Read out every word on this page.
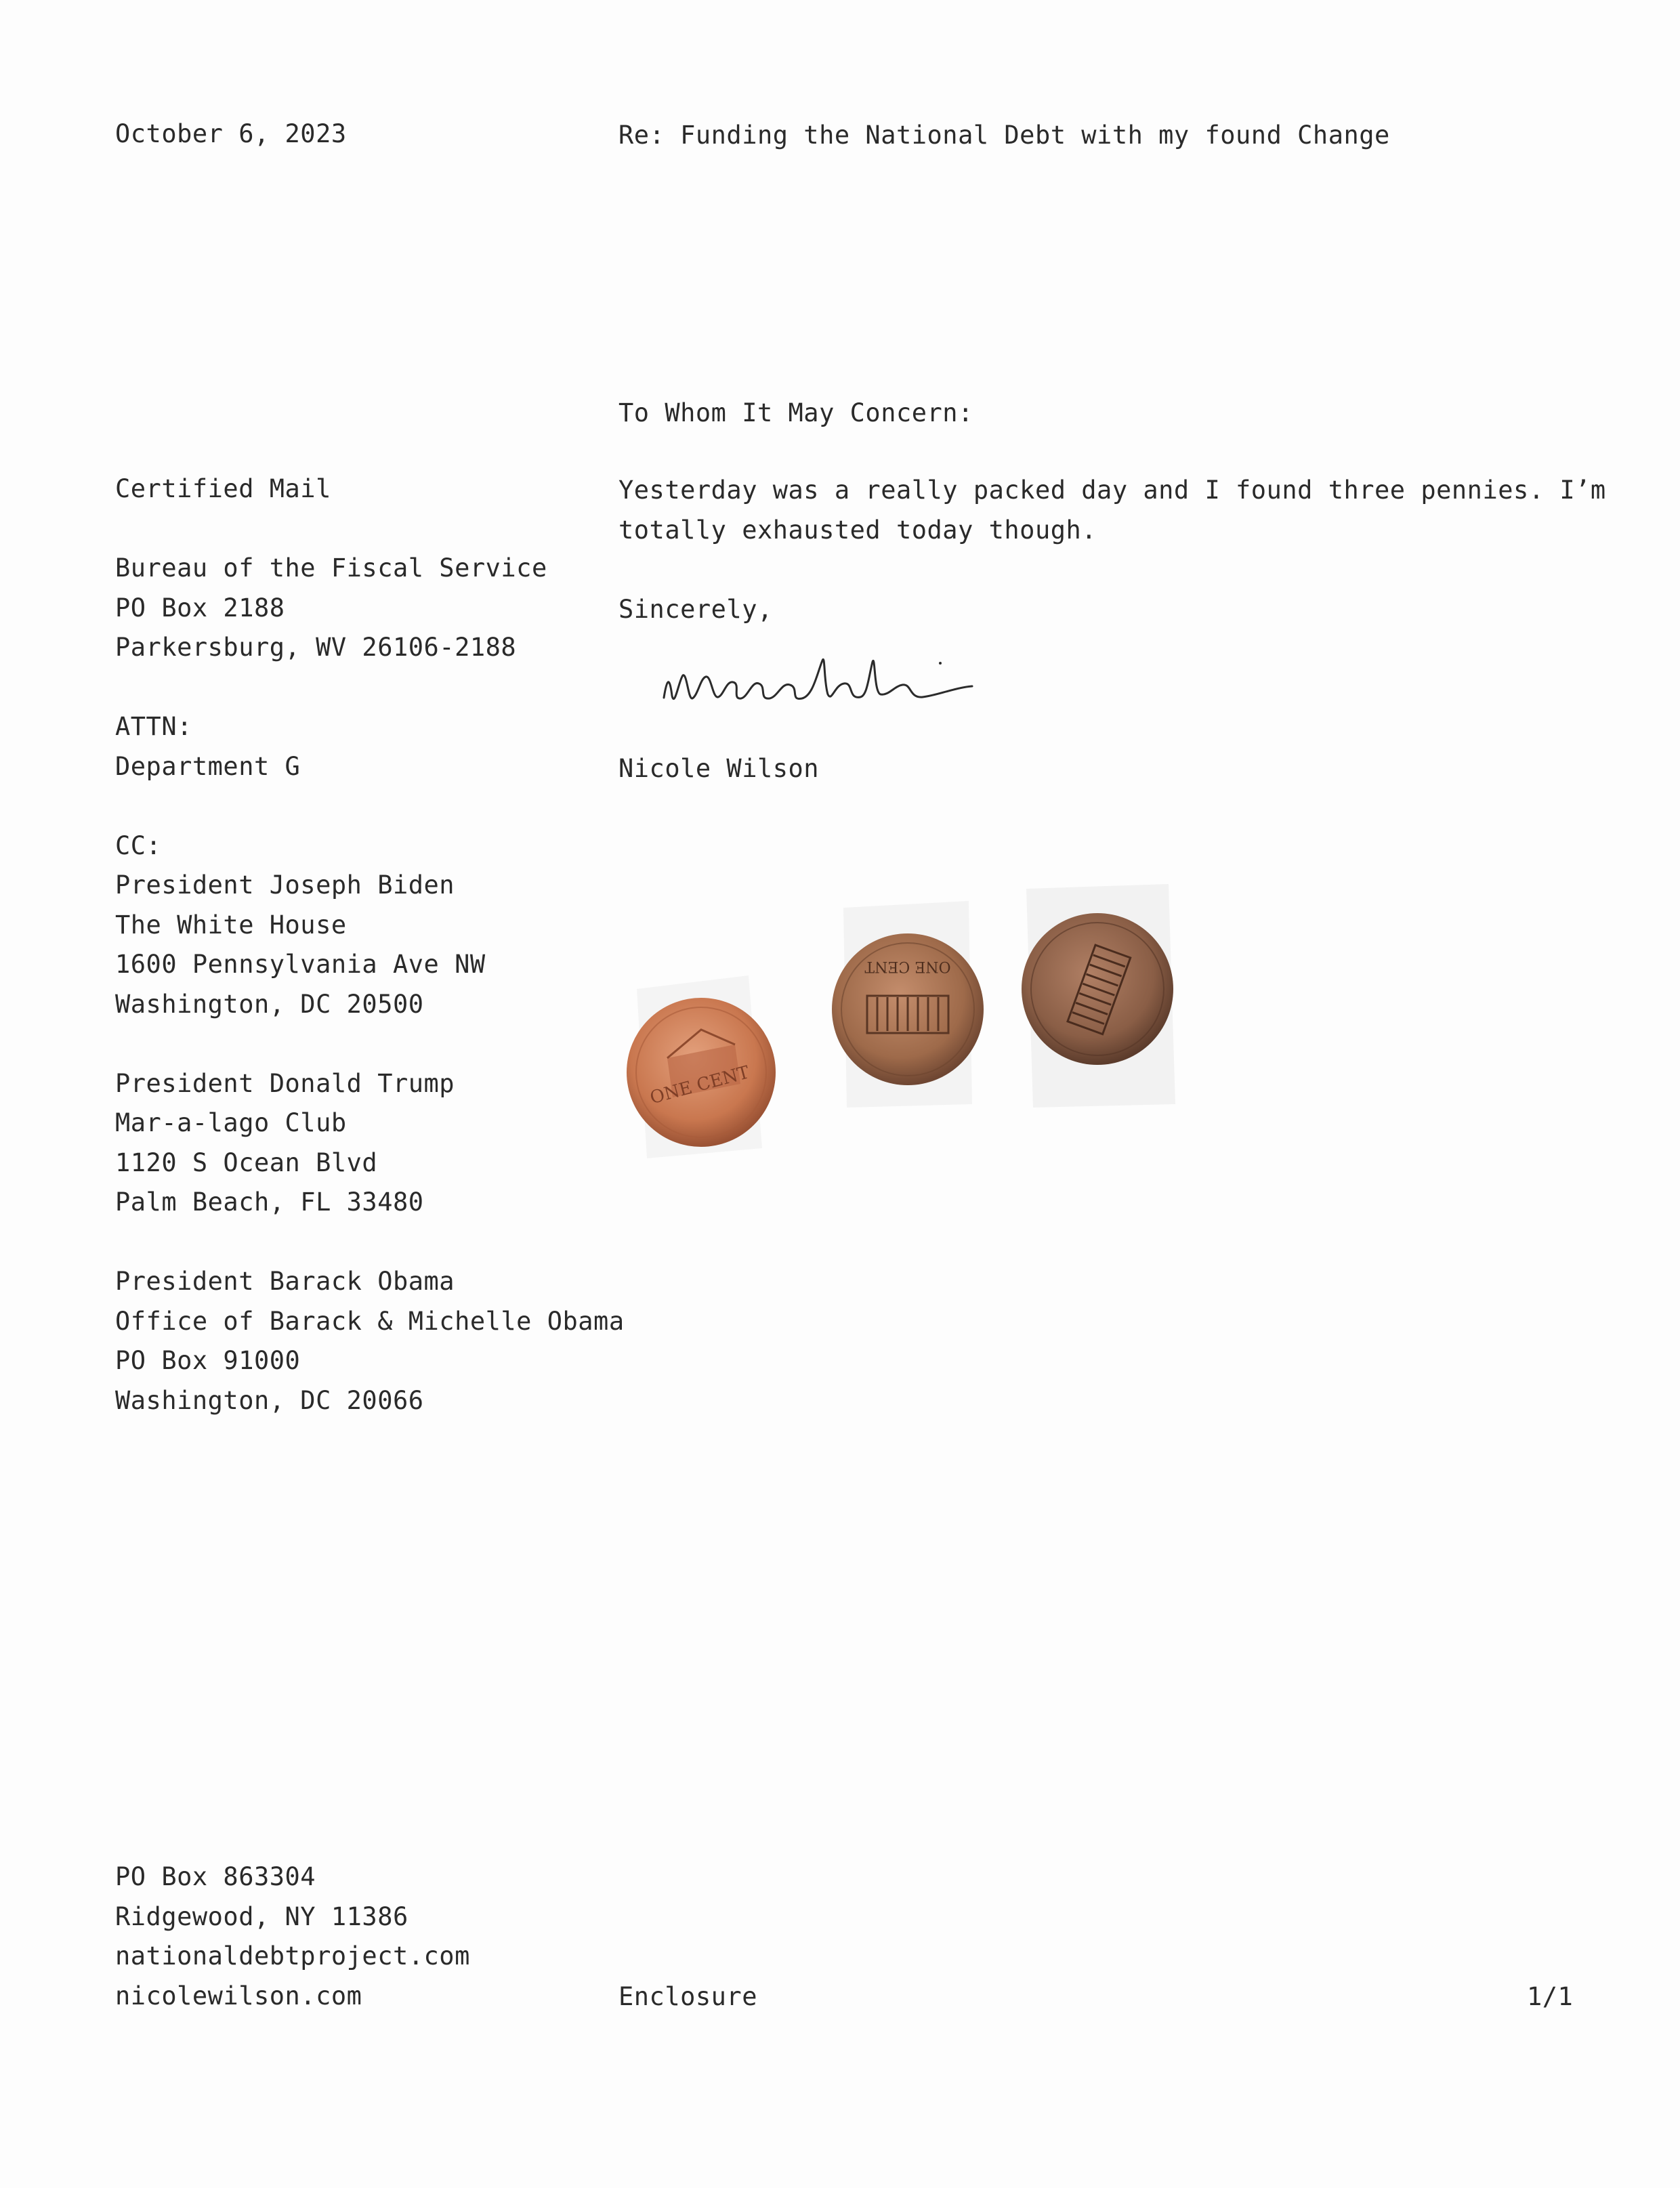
October 6, 2023	Re: Funding the National Debt with my found Change
To Whom It May Concern:
Yesterday was a really packed day and I found three pennies. I’m
totally exhausted today though.
Sincerely,
Nicole Wilson
Certified Mail
Bureau of the Fiscal Service
PO Box 2188
Parkersburg, WV 26106-2188
ATTN:
Department G
CC:
President Joseph Biden
The White House
1600 Pennsylvania Ave NW
Washington, DC 20500
President Donald Trump
Mar-a-lago Club
1120 S Ocean Blvd
Palm Beach, FL 33480
President Barack Obama
Office of Barack & Michelle Obama
PO Box 91000
Washington, DC 20066
ONE CENT
ONE CENT
PO Box 863304
Ridgewood, NY 11386
nationaldebtproject.com
nicolewilson.com	Enclosure	1/1
